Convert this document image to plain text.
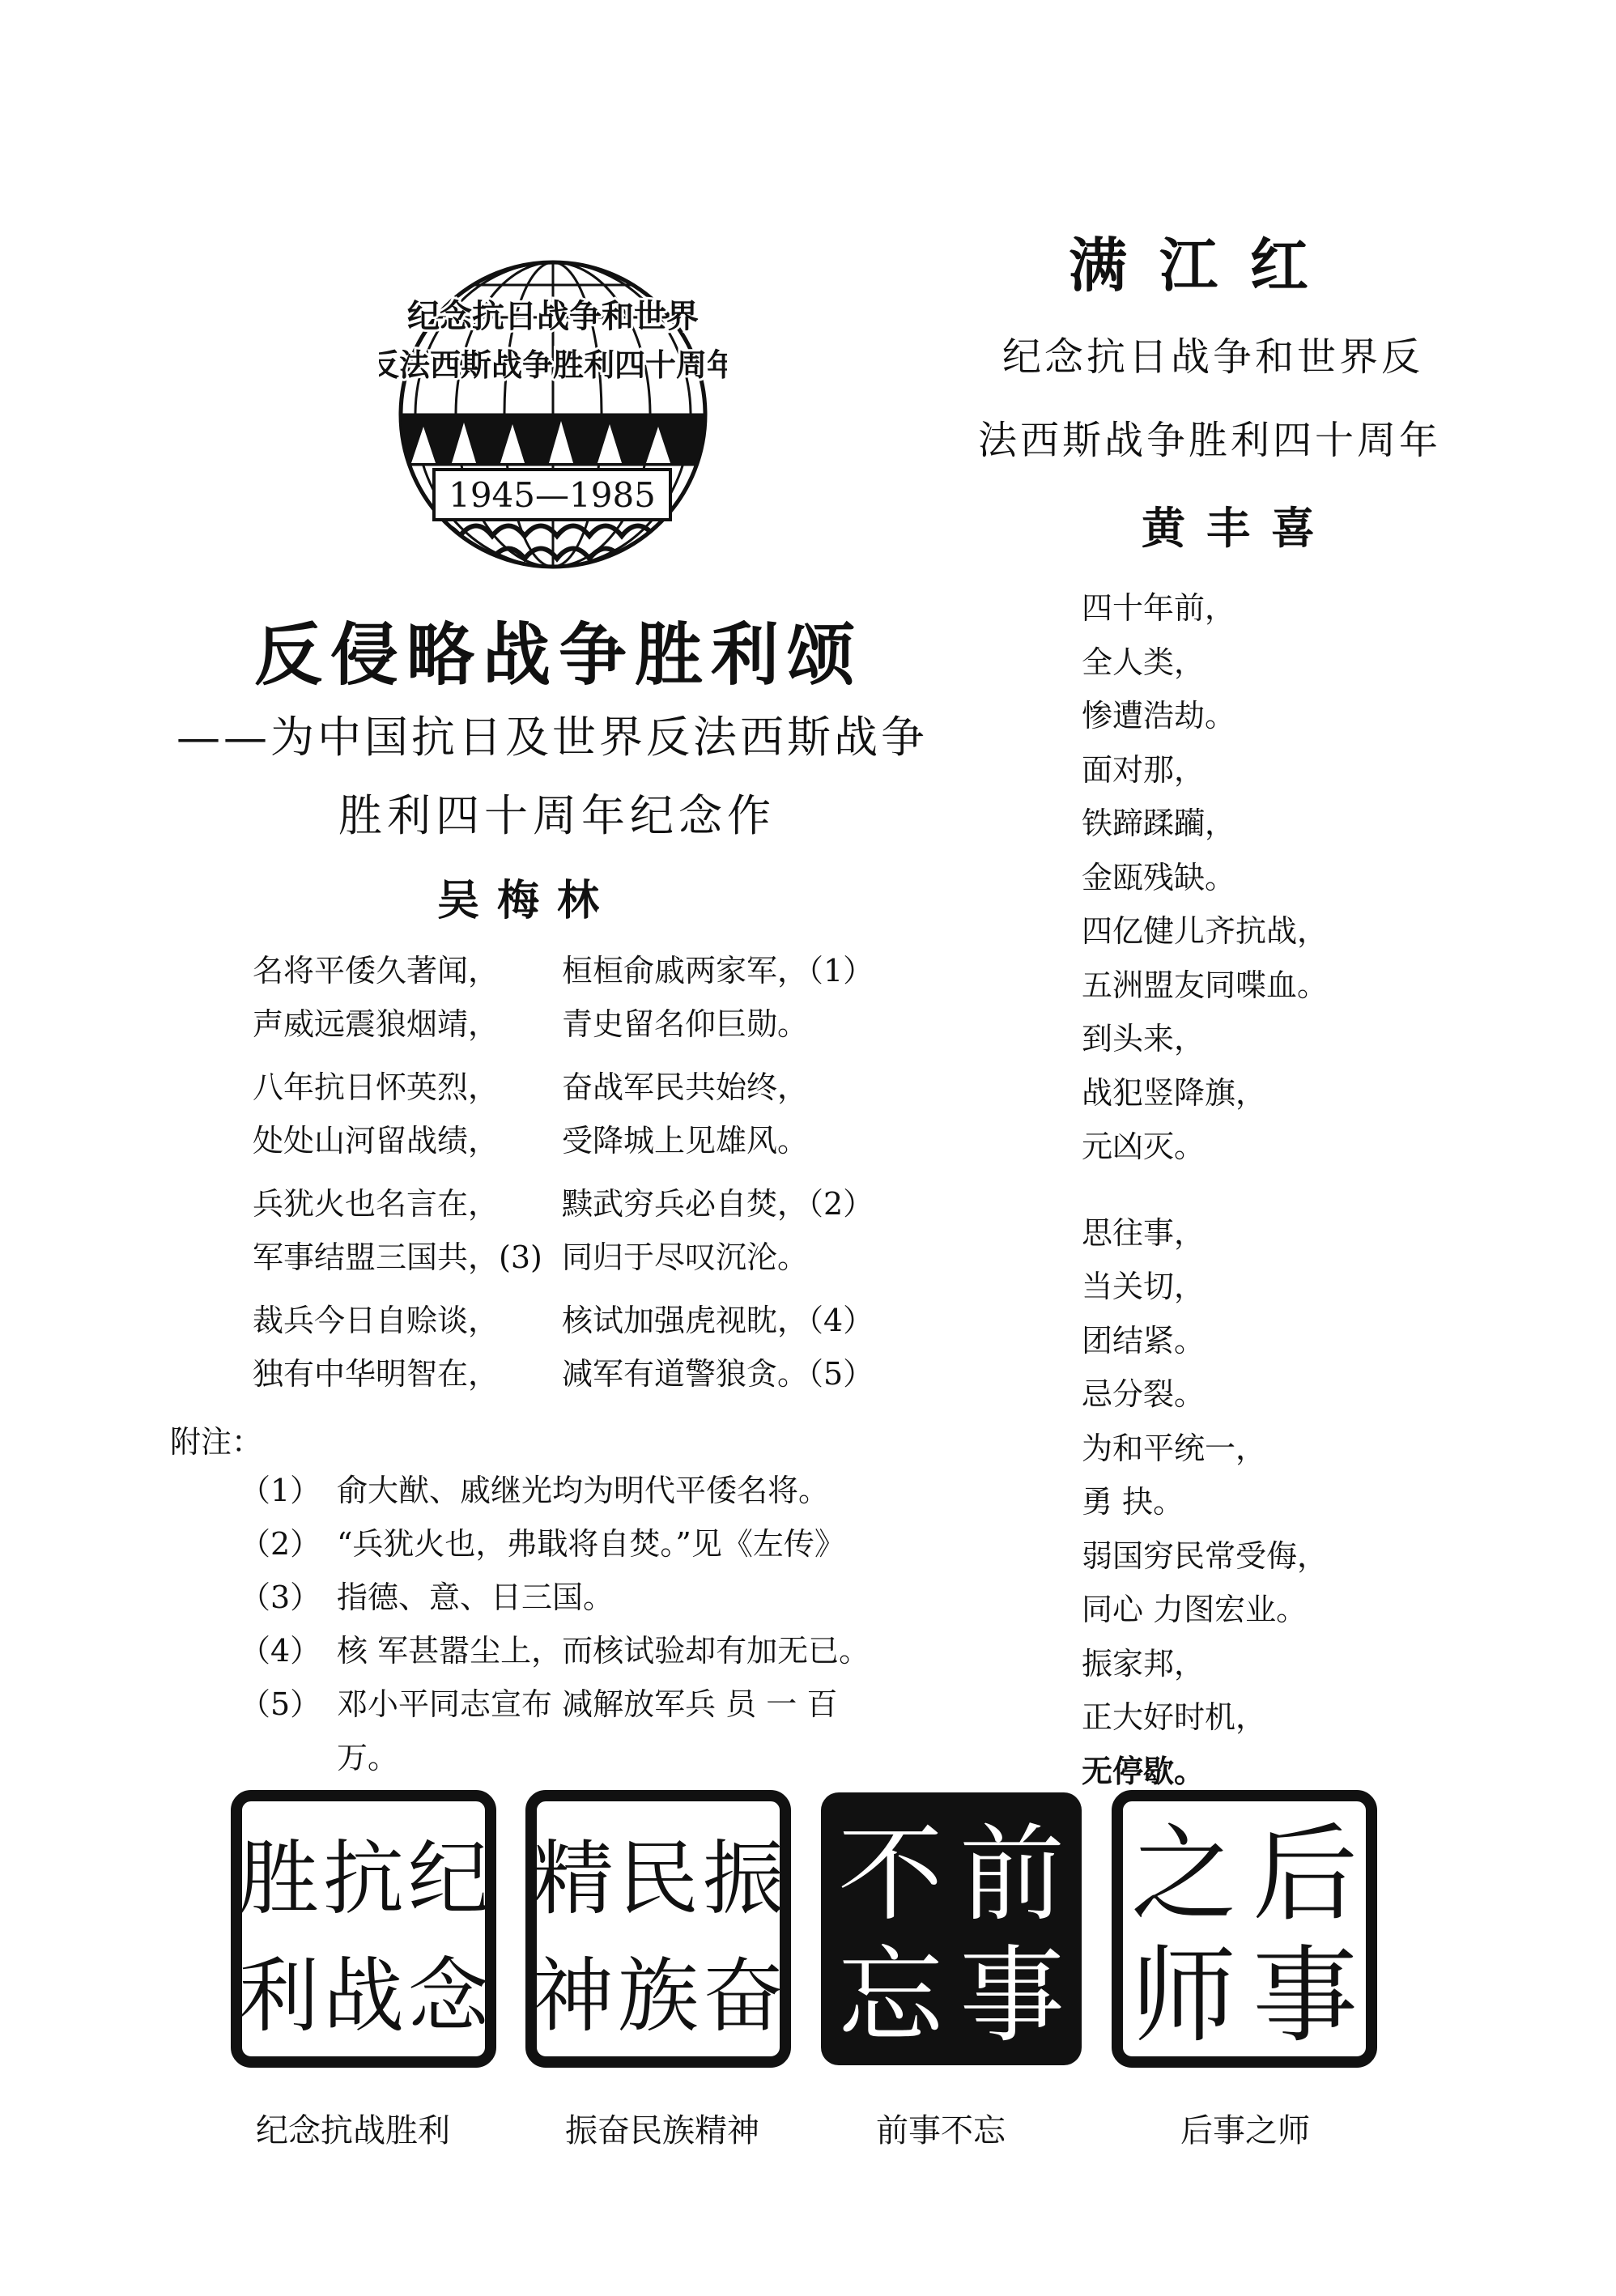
1945—1985
纪念抗日战争和世界
反法西斯战争胜利四十周年
反侵略战争胜利颂
——为中国抗日及世界反法西斯战争
胜利四十周年纪念作
吴梅林
名将平倭久著闻， 桓桓俞戚两家军，（1）
声威远震狼烟靖， 青史留名仰巨勋。
八年抗日怀英烈， 奋战军民共始终，
处处山河留战绩， 受降城上见雄风。
兵犹火也名言在， 黩武穷兵必自焚，（2）
军事结盟三国共，(3) 同归于尽叹沉沦。
裁兵今日自赊谈， 核试加强虎视眈，（4）
独有中华明智在， 减军有道警狼贪。（5）
附注：
（1） 俞大猷、戚继光均为明代平倭名将。
（2） “兵犹火也，弗戢将自焚。”见《左传》
（3） 指德、意、日三国。
（4） 核 军甚嚣尘上，而核试验却有加无已。
（5） 邓小平同志宣布 减解放军兵 员 一 百
万。
满江红
纪念抗日战争和世界反
法西斯战争胜利四十周年
黄丰喜
四十年前，
全人类，
惨遭浩劫。
面对那，
铁蹄蹂躏，
金瓯残缺。
四亿健儿齐抗战，
五洲盟友同喋血。
到头来，
战犯竖降旗，
元凶灭。
思往事，
当关切，
团结紧。
忌分裂。
为和平统一，
勇 抉。
弱国穷民常受侮，
同心 力图宏业。
振家邦，
正大好时机，
无停歇。
纪
抗
胜
念
战
利
振
民
精
奋
族
神
前
事
不
忘
后
事
之
师
纪念抗战胜利	振奋民族精神	前事不忘	后事之师
